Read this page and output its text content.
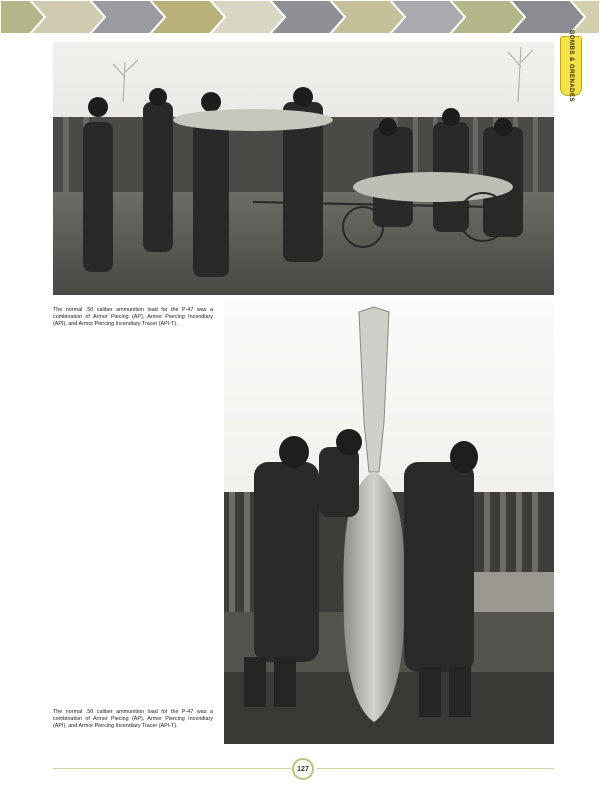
BOMBS & GRENADES

The normal .50 caliber ammunition load for the P-47 was a combination of Armor Piecing (AP), Armor Piercing Incendiary (API), and Armor Piercing Incendiary Tracer (API-T).

The normal .50 caliber ammunition load for the P-47 was a combination of Armor Piecing (AP), Armor Piercing Incendiary (API), and Armor Piercing Incendiary Tracer (API-T).

127
